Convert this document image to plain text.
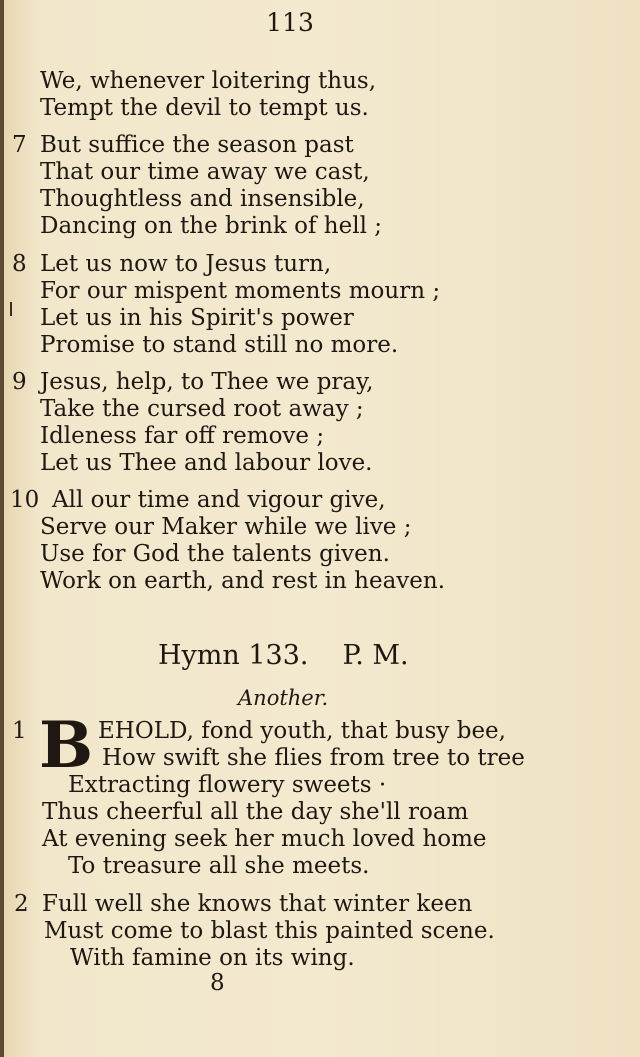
113
We, whenever loitering thus,
Tempt the devil to tempt us.
7 But suffice the season past
That our time away we cast,
Thoughtless and insensible,
Dancing on the brink of hell ;
8 Let us now to Jesus turn,
For our mispent moments mourn ;
Let us in his Spirit's power
Promise to stand still no more.
9 Jesus, help, to Thee we pray,
Take the cursed root away ;
Idleness far off remove ;
Let us Thee and labour love.
10 All our time and vigour give,
Serve our Maker while we live ;
Use for God the talents given.
Work on earth, and rest in heaven.
Hymn 133. P. M.
Another.
1 B EHOLD, fond youth, that busy bee,
How swift she flies from tree to tree
Extracting flowery sweets ·
Thus cheerful all the day she'll roam
At evening seek her much loved home
To treasure all she meets.
2 Full well she knows that winter keen
Must come to blast this painted scene.
With famine on its wing.
8
